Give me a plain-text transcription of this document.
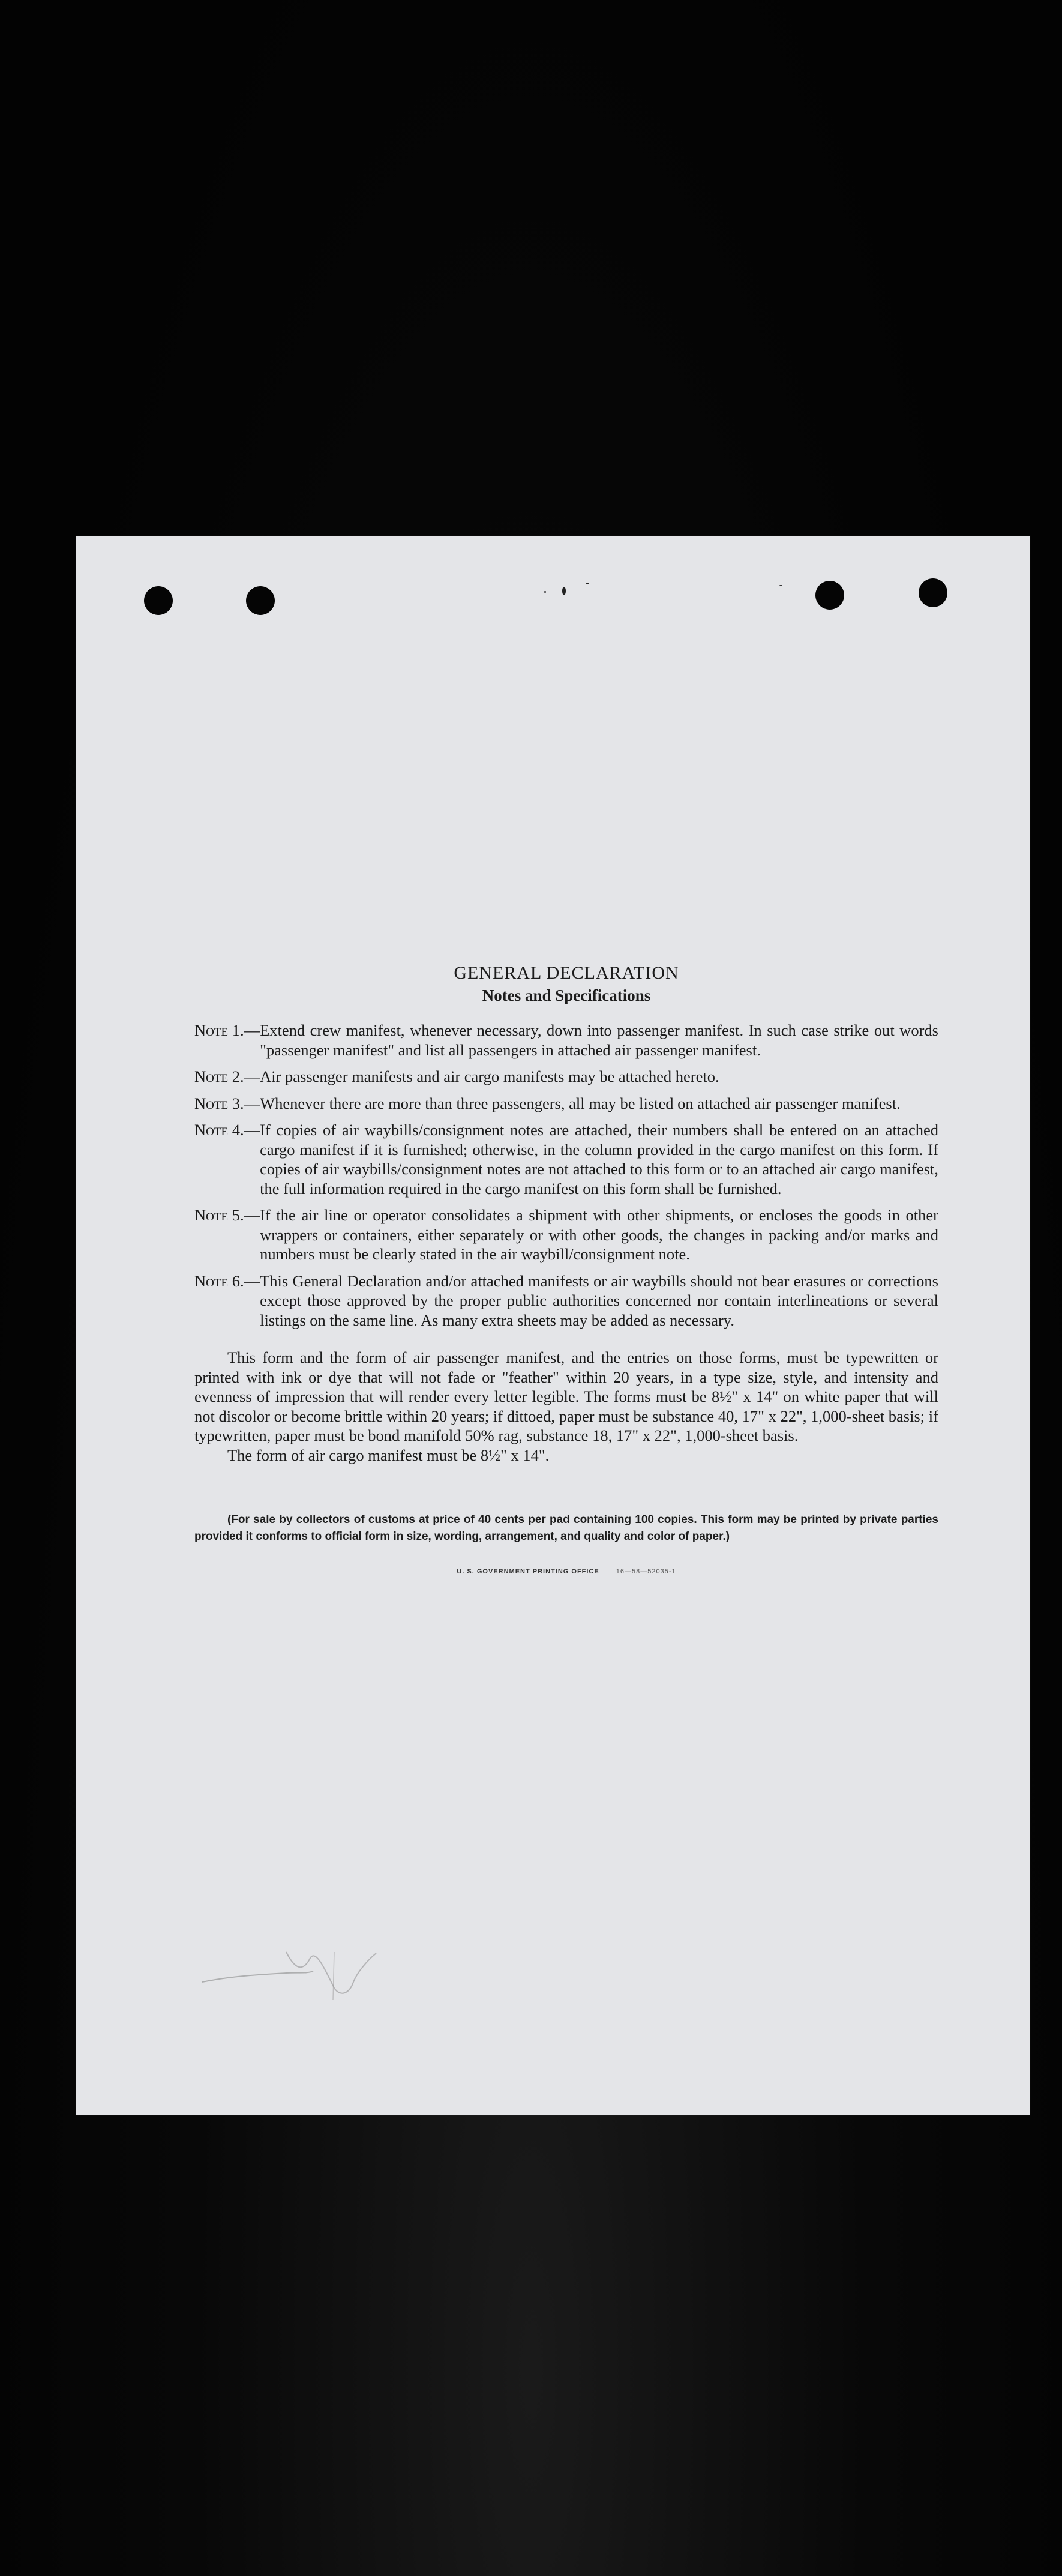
GENERAL DECLARATION

Notes and Specifications

Note 1.— Extend crew manifest, whenever necessary, down into passenger manifest. In such case strike out words "passenger manifest" and list all passengers in attached air passenger manifest.
Note 2.— Air passenger manifests and air cargo manifests may be attached hereto.
Note 3.— Whenever there are more than three passengers, all may be listed on attached air passenger manifest.
Note 4.— If copies of air waybills/consignment notes are attached, their numbers shall be entered on an attached cargo manifest if it is furnished; otherwise, in the column provided in the cargo manifest on this form. If copies of air waybills/consignment notes are not attached to this form or to an attached air cargo manifest, the full information required in the cargo manifest on this form shall be furnished.
Note 5.— If the air line or operator consolidates a shipment with other shipments, or encloses the goods in other wrappers or containers, either separately or with other goods, the changes in packing and/or marks and numbers must be clearly stated in the air waybill/consignment note.
Note 6.— This General Declaration and/or attached manifests or air waybills should not bear erasures or corrections except those approved by the proper public authorities concerned nor contain interlineations or several listings on the same line. As many extra sheets may be added as necessary.

This form and the form of air passenger manifest, and the entries on those forms, must be typewritten or printed with ink or dye that will not fade or "feather" within 20 years, in a type size, style, and intensity and evenness of impression that will render every letter legible. The forms must be 8½" x 14" on white paper that will not discolor or become brittle within 20 years; if dittoed, paper must be substance 40, 17" x 22", 1,000-sheet basis; if typewritten, paper must be bond manifold 50% rag, substance 18, 17" x 22", 1,000-sheet basis.

The form of air cargo manifest must be 8½" x 14".

(For sale by collectors of customs at price of 40 cents per pad containing 100 copies. This form may be printed by private parties provided it conforms to official form in size, wording, arrangement, and quality and color of paper.)

U. S. GOVERNMENT PRINTING OFFICE	16—58—52035-1
